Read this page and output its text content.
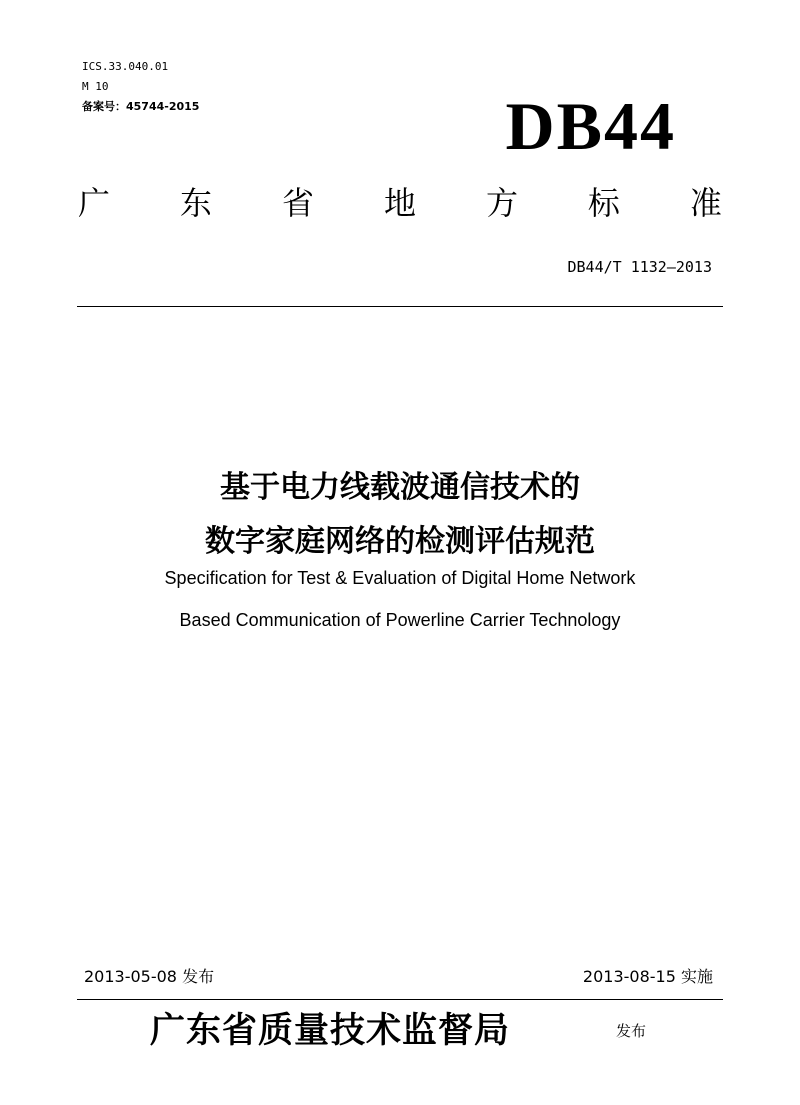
ICS.33.040.01
M 10
备案号：45744-2015	DB44
广 东 省 地 方 标 准
DB44/T 1132—2013
基于电力线载波通信技术的
数字家庭网络的检测评估规范
Specification for Test & Evaluation of Digital Home Network
Based Communication of Powerline Carrier Technology
2013-05-08 发布	2013-08-15 实施
广东省质量技术监督局	发布
